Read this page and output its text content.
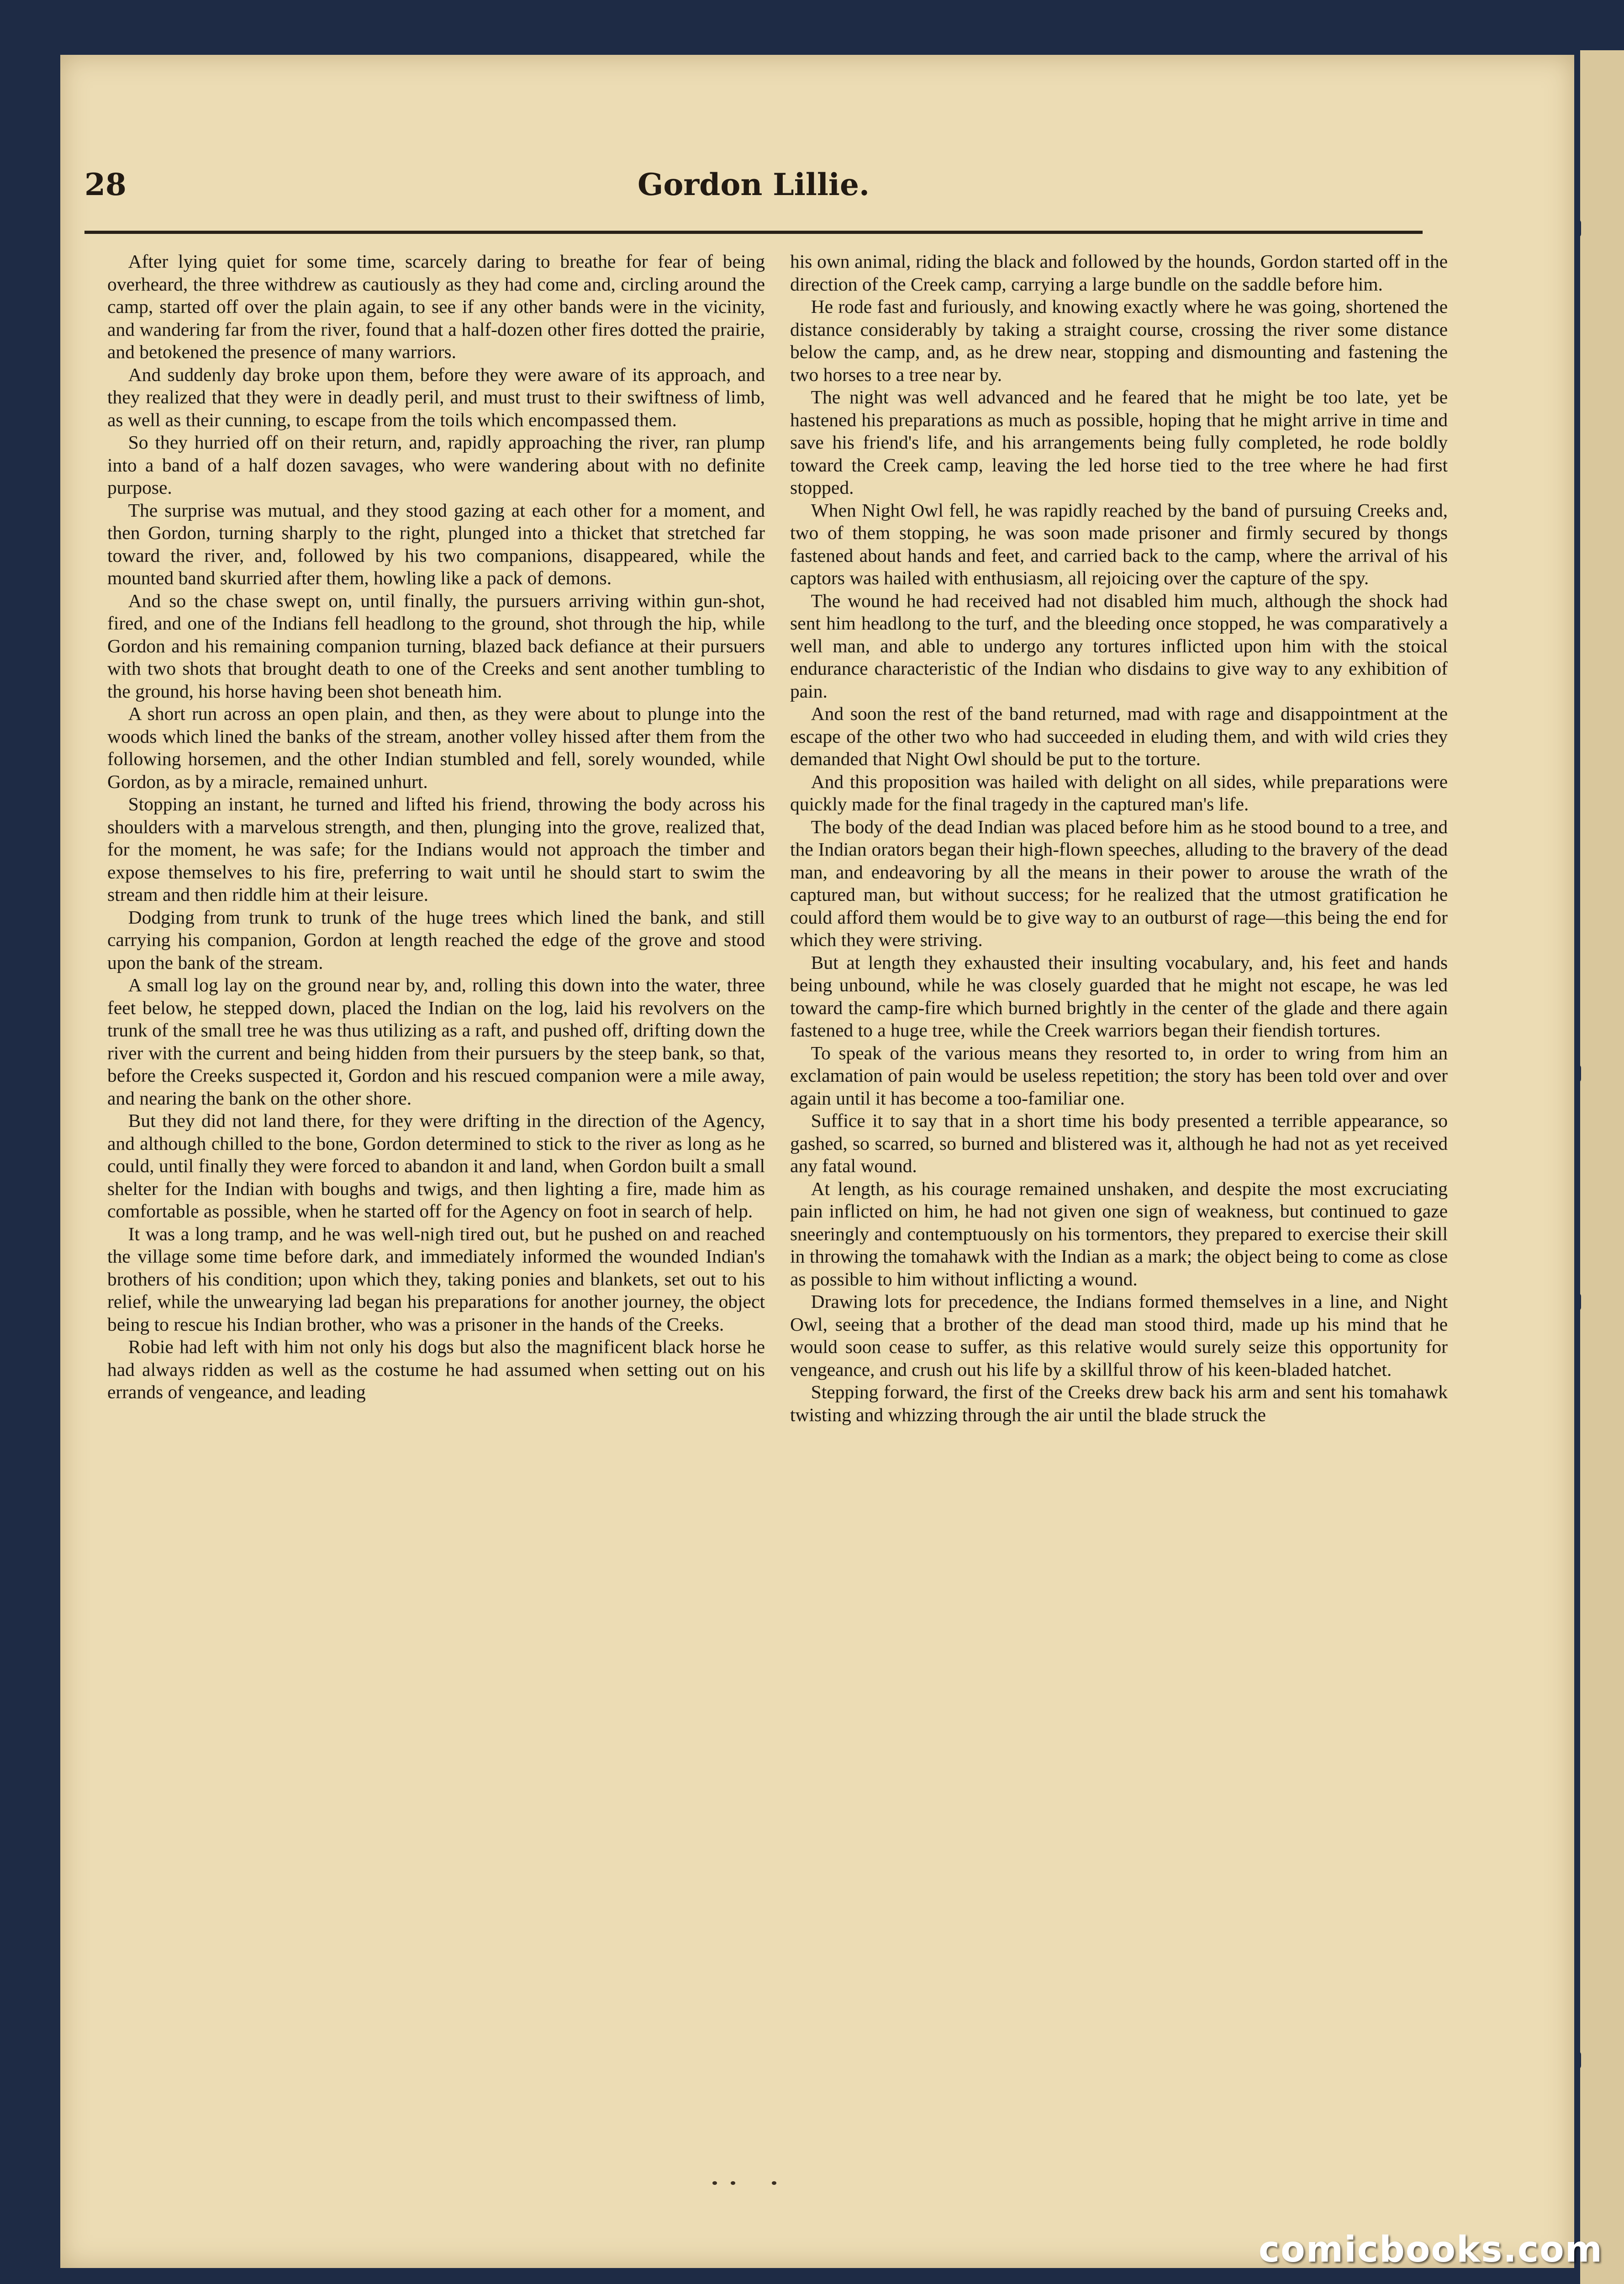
28	Gordon Lillie.

After lying quiet for some time, scarcely daring to breathe for fear of being overheard, the three withdrew as cautiously as they had come and, circling around the camp, started off over the plain again, to see if any other bands were in the vicinity, and wandering far from the river, found that a half-dozen other fires dotted the prairie, and betokened the presence of many warriors.

And suddenly day broke upon them, before they were aware of its approach, and they realized that they were in deadly peril, and must trust to their swiftness of limb, as well as their cunning, to escape from the toils which encompassed them.

So they hurried off on their return, and, rapidly approaching the river, ran plump into a band of a half dozen savages, who were wandering about with no definite purpose.

The surprise was mutual, and they stood gazing at each other for a moment, and then Gordon, turning sharply to the right, plunged into a thicket that stretched far toward the river, and, followed by his two companions, disappeared, while the mounted band skurried after them, howling like a pack of demons.

And so the chase swept on, until finally, the pursuers arriving within gun-shot, fired, and one of the Indians fell headlong to the ground, shot through the hip, while Gordon and his remaining companion turning, blazed back defiance at their pursuers with two shots that brought death to one of the Creeks and sent another tumbling to the ground, his horse having been shot beneath him.

A short run across an open plain, and then, as they were about to plunge into the woods which lined the banks of the stream, another volley hissed after them from the following horsemen, and the other Indian stumbled and fell, sorely wounded, while Gordon, as by a miracle, remained unhurt.

Stopping an instant, he turned and lifted his friend, throwing the body across his shoulders with a marvelous strength, and then, plunging into the grove, realized that, for the moment, he was safe; for the Indians would not approach the timber and expose themselves to his fire, preferring to wait until he should start to swim the stream and then riddle him at their leisure.

Dodging from trunk to trunk of the huge trees which lined the bank, and still carrying his companion, Gordon at length reached the edge of the grove and stood upon the bank of the stream.

A small log lay on the ground near by, and, rolling this down into the water, three feet below, he stepped down, placed the Indian on the log, laid his revolvers on the trunk of the small tree he was thus utilizing as a raft, and pushed off, drifting down the river with the current and being hidden from their pursuers by the steep bank, so that, before the Creeks suspected it, Gordon and his rescued companion were a mile away, and nearing the bank on the other shore.

But they did not land there, for they were drifting in the direction of the Agency, and although chilled to the bone, Gordon determined to stick to the river as long as he could, until finally they were forced to abandon it and land, when Gordon built a small shelter for the Indian with boughs and twigs, and then lighting a fire, made him as comfortable as possible, when he started off for the Agency on foot in search of help.

It was a long tramp, and he was well-nigh tired out, but he pushed on and reached the village some time before dark, and immediately informed the wounded Indian's brothers of his condition; upon which they, taking ponies and blankets, set out to his relief, while the unwearying lad began his preparations for another journey, the object being to rescue his Indian brother, who was a prisoner in the hands of the Creeks.

Robie had left with him not only his dogs but also the magnificent black horse he had always ridden as well as the costume he had assumed when setting out on his errands of vengeance, and leading

his own animal, riding the black and followed by the hounds, Gordon started off in the direction of the Creek camp, carrying a large bundle on the saddle before him.

He rode fast and furiously, and knowing exactly where he was going, shortened the distance considerably by taking a straight course, crossing the river some distance below the camp, and, as he drew near, stopping and dismounting and fastening the two horses to a tree near by.

The night was well advanced and he feared that he might be too late, yet be hastened his preparations as much as possible, hoping that he might arrive in time and save his friend's life, and his arrangements being fully completed, he rode boldly toward the Creek camp, leaving the led horse tied to the tree where he had first stopped.

When Night Owl fell, he was rapidly reached by the band of pursuing Creeks and, two of them stopping, he was soon made prisoner and firmly secured by thongs fastened about hands and feet, and carried back to the camp, where the arrival of his captors was hailed with enthusiasm, all rejoicing over the capture of the spy.

The wound he had received had not disabled him much, although the shock had sent him headlong to the turf, and the bleeding once stopped, he was comparatively a well man, and able to undergo any tortures inflicted upon him with the stoical endurance characteristic of the Indian who disdains to give way to any exhibition of pain.

And soon the rest of the band returned, mad with rage and disappointment at the escape of the other two who had succeeded in eluding them, and with wild cries they demanded that Night Owl should be put to the torture.

And this proposition was hailed with delight on all sides, while preparations were quickly made for the final tragedy in the captured man's life.

The body of the dead Indian was placed before him as he stood bound to a tree, and the Indian orators began their high-flown speeches, alluding to the bravery of the dead man, and endeavoring by all the means in their power to arouse the wrath of the captured man, but without success; for he realized that the utmost gratification he could afford them would be to give way to an outburst of rage—this being the end for which they were striving.

But at length they exhausted their insulting vocabulary, and, his feet and hands being unbound, while he was closely guarded that he might not escape, he was led toward the camp-fire which burned brightly in the center of the glade and there again fastened to a huge tree, while the Creek warriors began their fiendish tortures.

To speak of the various means they resorted to, in order to wring from him an exclamation of pain would be useless repetition; the story has been told over and over again until it has become a too-familiar one.

Suffice it to say that in a short time his body presented a terrible appearance, so gashed, so scarred, so burned and blistered was it, although he had not as yet received any fatal wound.

At length, as his courage remained unshaken, and despite the most excruciating pain inflicted on him, he had not given one sign of weakness, but continued to gaze sneeringly and contemptuously on his tormentors, they prepared to exercise their skill in throwing the tomahawk with the Indian as a mark; the object being to come as close as possible to him without inflicting a wound.

Drawing lots for precedence, the Indians formed themselves in a line, and Night Owl, seeing that a brother of the dead man stood third, made up his mind that he would soon cease to suffer, as this relative would surely seize this opportunity for vengeance, and crush out his life by a skillful throw of his keen-bladed hatchet.

Stepping forward, the first of the Creeks drew back his arm and sent his tomahawk twisting and whizzing through the air until the blade struck the

comicbooks.com
